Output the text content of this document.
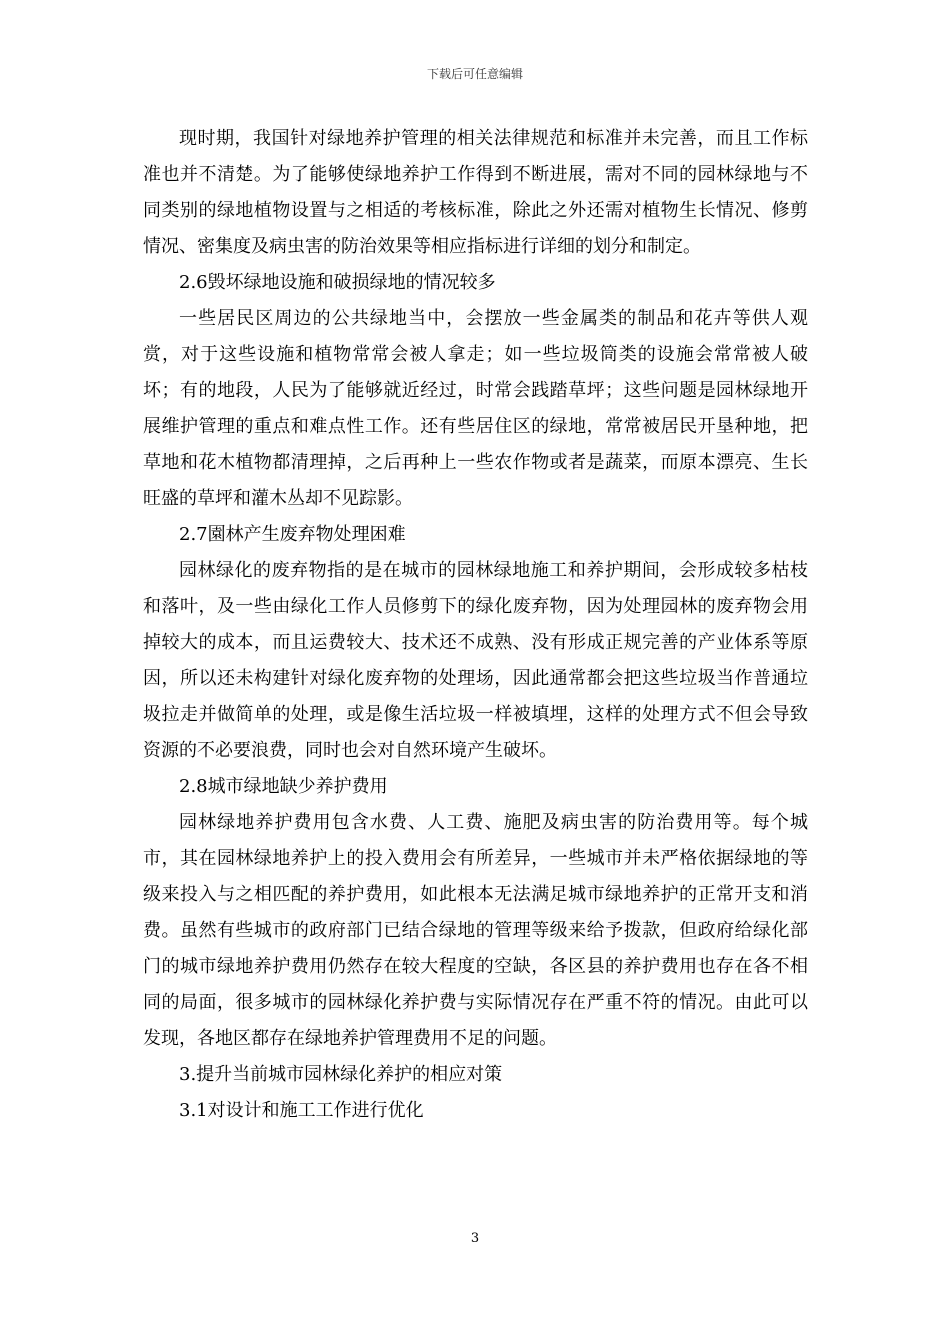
下载后可任意编辑

现时期，我国针对绿地养护管理的相关法律规范和标准并未完善，而且工作标准也并不清楚。为了能够使绿地养护工作得到不断进展，需对不同的园林绿地与不同类别的绿地植物设置与之相适的考核标准，除此之外还需对植物生长情况、修剪情况、密集度及病虫害的防治效果等相应指标进行详细的划分和制定。

2.6毁坏绿地设施和破损绿地的情况较多

一些居民区周边的公共绿地当中，会摆放一些金属类的制品和花卉等供人观赏，对于这些设施和植物常常会被人拿走；如一些垃圾筒类的设施会常常被人破坏；有的地段，人民为了能够就近经过，时常会践踏草坪；这些问题是园林绿地开展维护管理的重点和难点性工作。还有些居住区的绿地，常常被居民开垦种地，把草地和花木植物都清理掉，之后再种上一些农作物或者是蔬菜，而原本漂亮、生长旺盛的草坪和灌木丛却不见踪影。

2.7園林产生废弃物处理困难

园林绿化的废弃物指的是在城市的园林绿地施工和养护期间，会形成较多枯枝和落叶，及一些由绿化工作人员修剪下的绿化废弃物，因为处理园林的废弃物会用掉较大的成本，而且运费较大、技术还不成熟、没有形成正规完善的产业体系等原因，所以还未构建针对绿化废弃物的处理场，因此通常都会把这些垃圾当作普通垃圾拉走并做简单的处理，或是像生活垃圾一样被填埋，这样的处理方式不但会导致资源的不必要浪费，同时也会对自然环境产生破坏。

2.8城市绿地缺少养护费用

园林绿地养护费用包含水费、人工费、施肥及病虫害的防治费用等。每个城市，其在园林绿地养护上的投入费用会有所差异，一些城市并未严格依据绿地的等级来投入与之相匹配的养护费用，如此根本无法满足城市绿地养护的正常开支和消费。虽然有些城市的政府部门已结合绿地的管理等级来给予拨款，但政府给绿化部门的城市绿地养护费用仍然存在较大程度的空缺，各区县的养护费用也存在各不相同的局面，很多城市的园林绿化养护费与实际情况存在严重不符的情况。由此可以发现，各地区都存在绿地养护管理费用不足的问题。

3.提升当前城市园林绿化养护的相应对策

3.1对设计和施工工作进行优化

3
